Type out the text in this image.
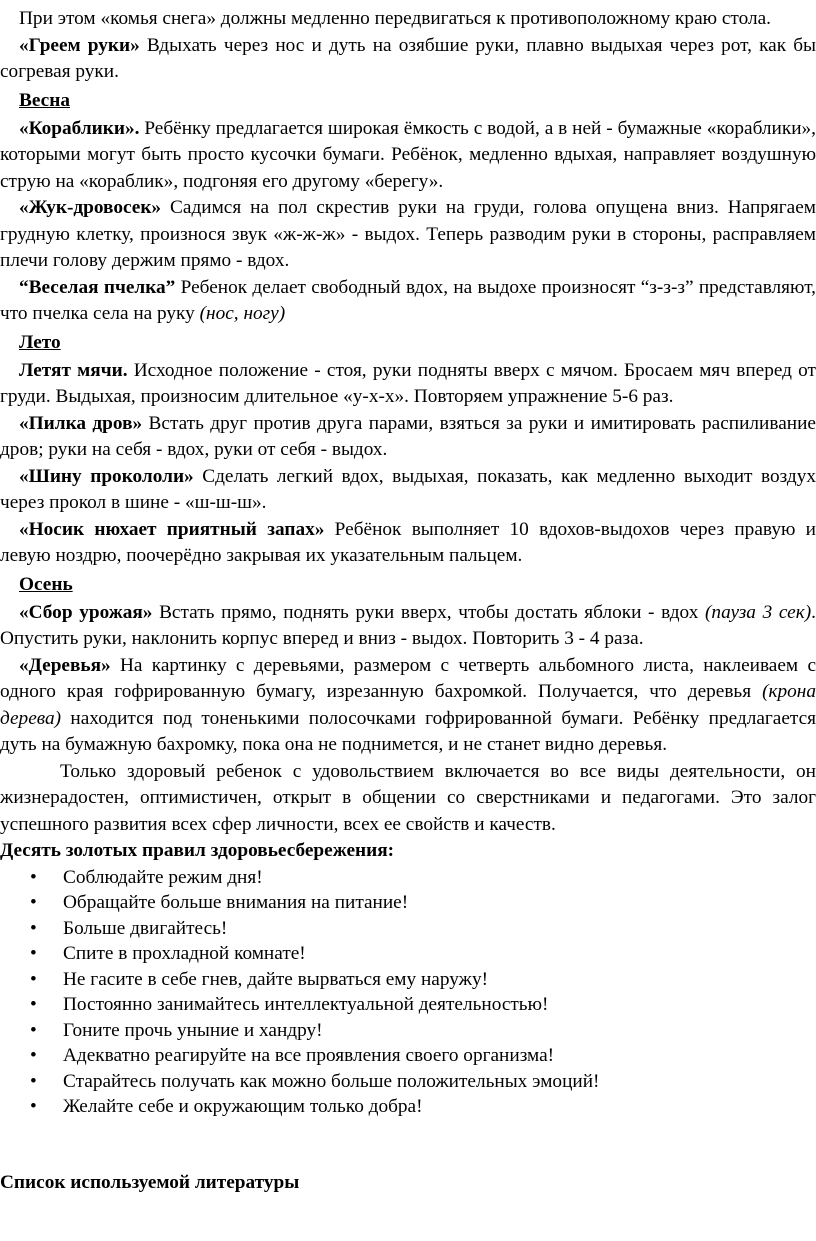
При этом «комья снега» должны медленно передвигаться к противоположному краю стола.

«Греем руки» Вдыхать через нос и дуть на озябшие руки, плавно выдыхая через рот, как бы согревая руки.

Весна

«Кораблики». Ребёнку предлагается широкая ёмкость с водой, а в ней - бумажные «кораблики», которыми могут быть просто кусочки бумаги. Ребёнок, медленно вдыхая, направляет воздушную струю на «кораблик», подгоняя его другому «берегу».

«Жук-дровосек» Садимся на пол скрестив руки на груди, голова опущена вниз. Напрягаем грудную клетку, произнося звук «ж-ж-ж» - выдох. Теперь разводим руки в стороны, расправляем плечи голову держим прямо - вдох.

“Веселая пчелка” Ребенок делает свободный вдох, на выдохе произносят “з-з-з” представляют, что пчелка села на руку (нос, ногу)

Лето

Летят мячи. Исходное положение - стоя, руки подняты вверх с мячом. Бросаем мяч вперед от груди. Выдыхая, произносим длительное «у-х-х». Повторяем упражнение 5-6 раз.

«Пилка дров» Встать друг против друга парами, взяться за руки и имитировать распиливание дров; руки на себя - вдох, руки от себя - выдох.

«Шину прокололи» Сделать легкий вдох, выдыхая, показать, как медленно выходит воздух через прокол в шине - «ш-ш-ш».

«Носик нюхает приятный запах» Ребёнок выполняет 10 вдохов-выдохов через правую и левую ноздрю, поочерёдно закрывая их указательным пальцем.

Осень

«Сбор урожая» Встать прямо, поднять руки вверх, чтобы достать яблоки - вдох (пауза 3 сек). Опустить руки, наклонить корпус вперед и вниз - выдох. Повторить 3 - 4 раза.

«Деревья» На картинку с деревьями, размером с четверть альбомного листа, наклеиваем с одного края гофрированную бумагу, изрезанную бахромкой. Получается, что деревья (крона дерева) находится под тоненькими полосочками гофрированной бумаги. Ребёнку предлагается дуть на бумажную бахромку, пока она не поднимется, и не станет видно деревья.

Только здоровый ребенок с удовольствием включается во все виды деятельности, он жизнерадостен, оптимистичен, открыт в общении со сверстниками и педагогами. Это залог успешного развития всех сфер личности, всех ее свойств и качеств.

Десять золотых правил здоровьесбережения:

• Соблюдайте режим дня!
• Обращайте больше внимания на питание!
• Больше двигайтесь!
• Спите в прохладной комнате!
• Не гасите в себе гнев, дайте вырваться ему наружу!
• Постоянно занимайтесь интеллектуальной деятельностью!
• Гоните прочь уныние и хандру!
• Адекватно реагируйте на все проявления своего организма!
• Старайтесь получать как можно больше положительных эмоций!
• Желайте себе и окружающим только добра!

Список используемой литературы
